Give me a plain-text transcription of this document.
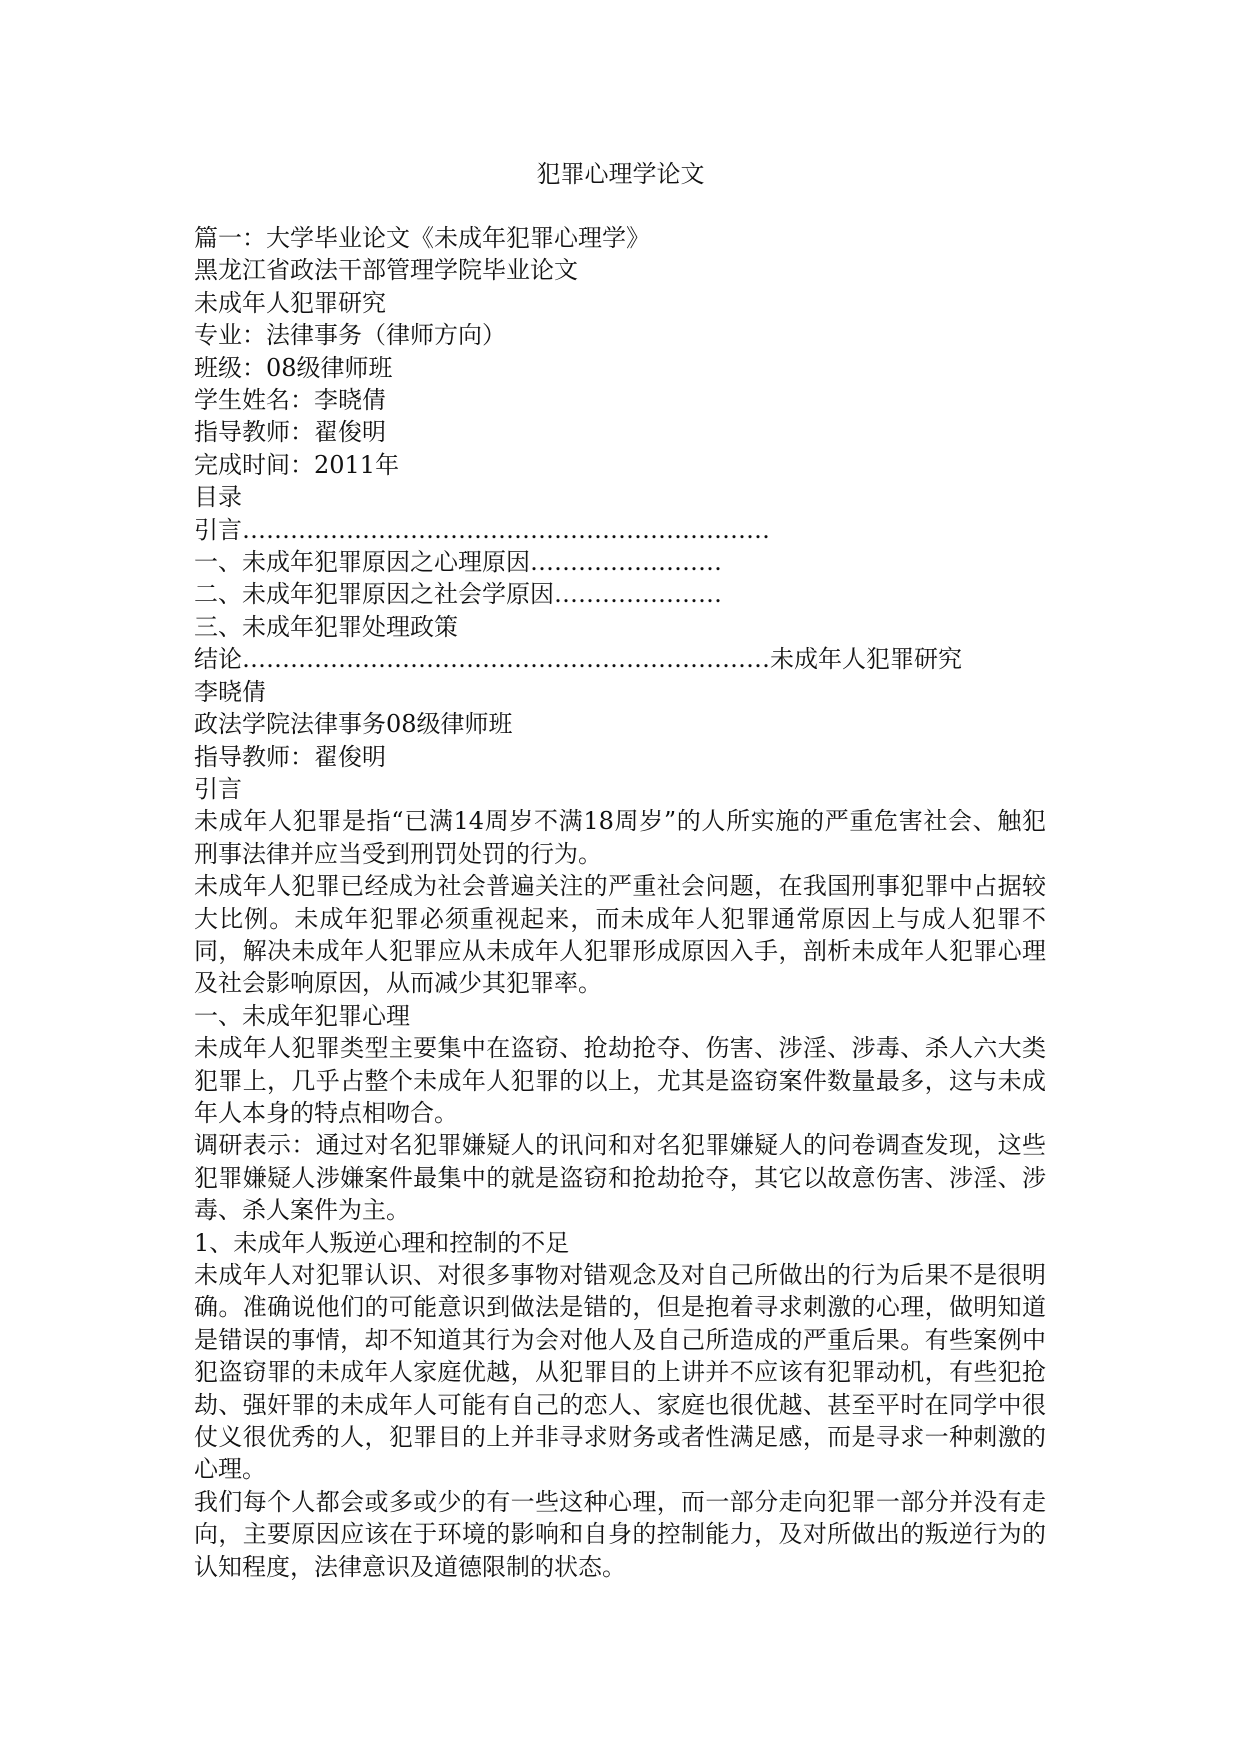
犯罪心理学论文
篇一：大学毕业论文《未成年犯罪心理学》
黑龙江省政法干部管理学院毕业论文
未成年人犯罪研究
专业：法律事务（律师方向）
班级：08级律师班
学生姓名：李晓倩
指导教师：翟俊明
完成时间：2011年
目录
引言…………………………………………………………
一、未成年犯罪原因之心理原因……………………
二、未成年犯罪原因之社会学原因…………………
三、未成年犯罪处理政策
结论…………………………………………………………未成年人犯罪研究
李晓倩
政法学院法律事务08级律师班
指导教师：翟俊明
引言
未成年人犯罪是指“已满14周岁不满18周岁”的人所实施的严重危害社会、触犯刑事法律并应当受到刑罚处罚的行为。
未成年人犯罪已经成为社会普遍关注的严重社会问题，在我国刑事犯罪中占据较大比例。未成年犯罪必须重视起来，而未成年人犯罪通常原因上与成人犯罪不同，解决未成年人犯罪应从未成年人犯罪形成原因入手，剖析未成年人犯罪心理及社会影响原因，从而减少其犯罪率。
一、未成年犯罪心理
未成年人犯罪类型主要集中在盗窃、抢劫抢夺、伤害、涉淫、涉毒、杀人六大类犯罪上，几乎占整个未成年人犯罪的以上，尤其是盗窃案件数量最多，这与未成年人本身的特点相吻合。
调研表示：通过对名犯罪嫌疑人的讯问和对名犯罪嫌疑人的问卷调查发现，这些犯罪嫌疑人涉嫌案件最集中的就是盗窃和抢劫抢夺，其它以故意伤害、涉淫、涉毒、杀人案件为主。
1、未成年人叛逆心理和控制的不足
未成年人对犯罪认识、对很多事物对错观念及对自己所做出的行为后果不是很明确。准确说他们的可能意识到做法是错的，但是抱着寻求刺激的心理，做明知道是错误的事情，却不知道其行为会对他人及自己所造成的严重后果。有些案例中犯盗窃罪的未成年人家庭优越，从犯罪目的上讲并不应该有犯罪动机，有些犯抢劫、强奸罪的未成年人可能有自己的恋人、家庭也很优越、甚至平时在同学中很仗义很优秀的人，犯罪目的上并非寻求财务或者性满足感，而是寻求一种刺激的心理。
我们每个人都会或多或少的有一些这种心理，而一部分走向犯罪一部分并没有走向，主要原因应该在于环境的影响和自身的控制能力，及对所做出的叛逆行为的认知程度，法律意识及道德限制的状态。
